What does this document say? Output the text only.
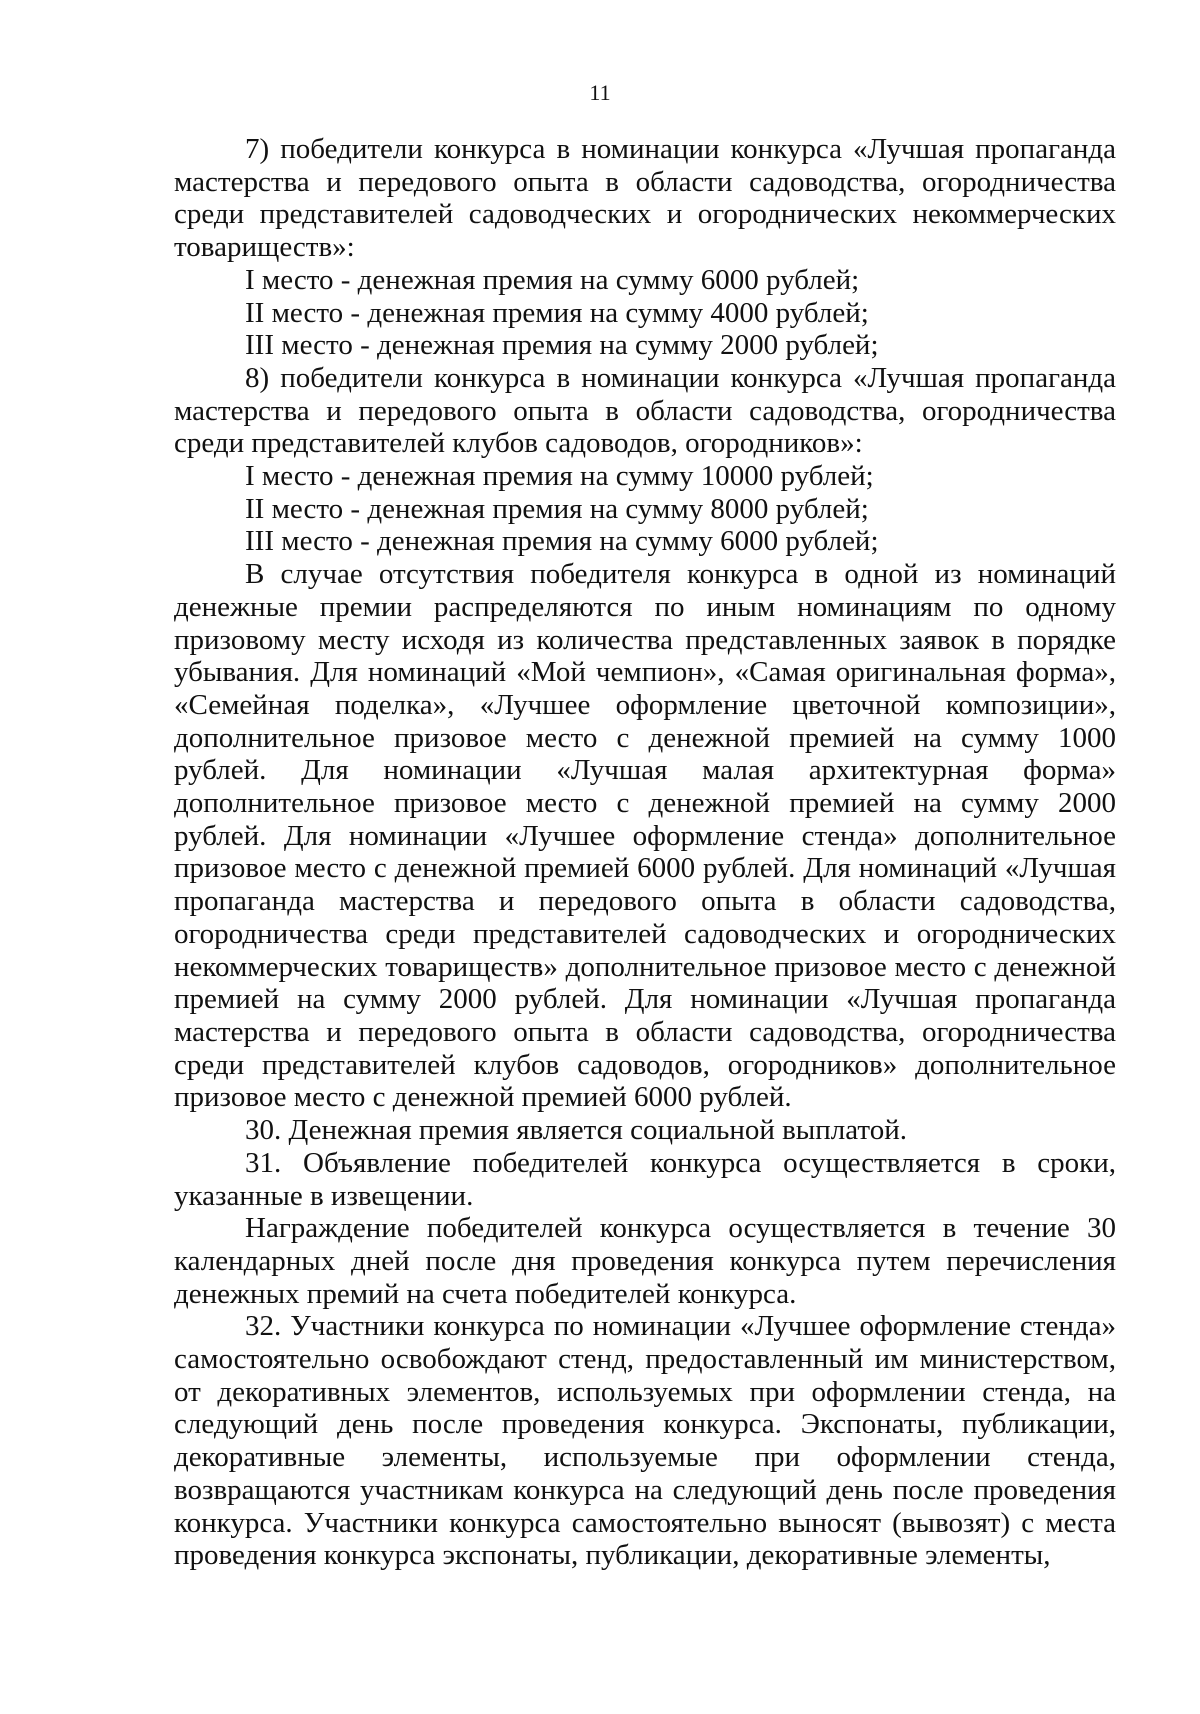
11

7) победители конкурса в номинации конкурса «Лучшая пропаганда мастерства и передового опыта в области садоводства, огородничества среди представителей садоводческих и огороднических некоммерческих товариществ»:

I место - денежная премия на сумму 6000 рублей;

II место - денежная премия на сумму 4000 рублей;

III место - денежная премия на сумму 2000 рублей;

8) победители конкурса в номинации конкурса «Лучшая пропаганда мастерства и передового опыта в области садоводства, огородничества среди представителей клубов садоводов, огородников»:

I место - денежная премия на сумму 10000 рублей;

II место - денежная премия на сумму 8000 рублей;

III место - денежная премия на сумму 6000 рублей;

В случае отсутствия победителя конкурса в одной из номинаций денежные премии распределяются по иным номинациям по одному призовому месту исходя из количества представленных заявок в порядке убывания. Для номинаций «Мой чемпион», «Самая оригинальная форма», «Семейная поделка», «Лучшее оформление цветочной композиции», дополнительное призовое место с денежной премией на сумму 1000 рублей. Для номинации «Лучшая малая архитектурная форма» дополнительное призовое место с денежной премией на сумму 2000 рублей. Для номинации «Лучшее оформление стенда» дополнительное призовое место с денежной премией 6000 рублей. Для номинаций «Лучшая пропаганда мастерства и передового опыта в области садоводства, огородничества среди представителей садоводческих и огороднических некоммерческих товариществ» дополнительное призовое место с денежной премией на сумму 2000 рублей. Для номинации «Лучшая пропаганда мастерства и передового опыта в области садоводства, огородничества среди представителей клубов садоводов, огородников» дополнительное призовое место с денежной премией 6000 рублей.

30. Денежная премия является социальной выплатой.

31. Объявление победителей конкурса осуществляется в сроки, указанные в извещении.

Награждение победителей конкурса осуществляется в течение 30 календарных дней после дня проведения конкурса путем перечисления денежных премий на счета победителей конкурса.

32. Участники конкурса по номинации «Лучшее оформление стенда» самостоятельно освобождают стенд, предоставленный им министерством, от декоративных элементов, используемых при оформлении стенда, на следующий день после проведения конкурса. Экспонаты, публикации, декоративные элементы, используемые при оформлении стенда, возвращаются участникам конкурса на следующий день после проведения конкурса. Участники конкурса самостоятельно выносят (вывозят) с места проведения конкурса экспонаты, публикации, декоративные элементы,
